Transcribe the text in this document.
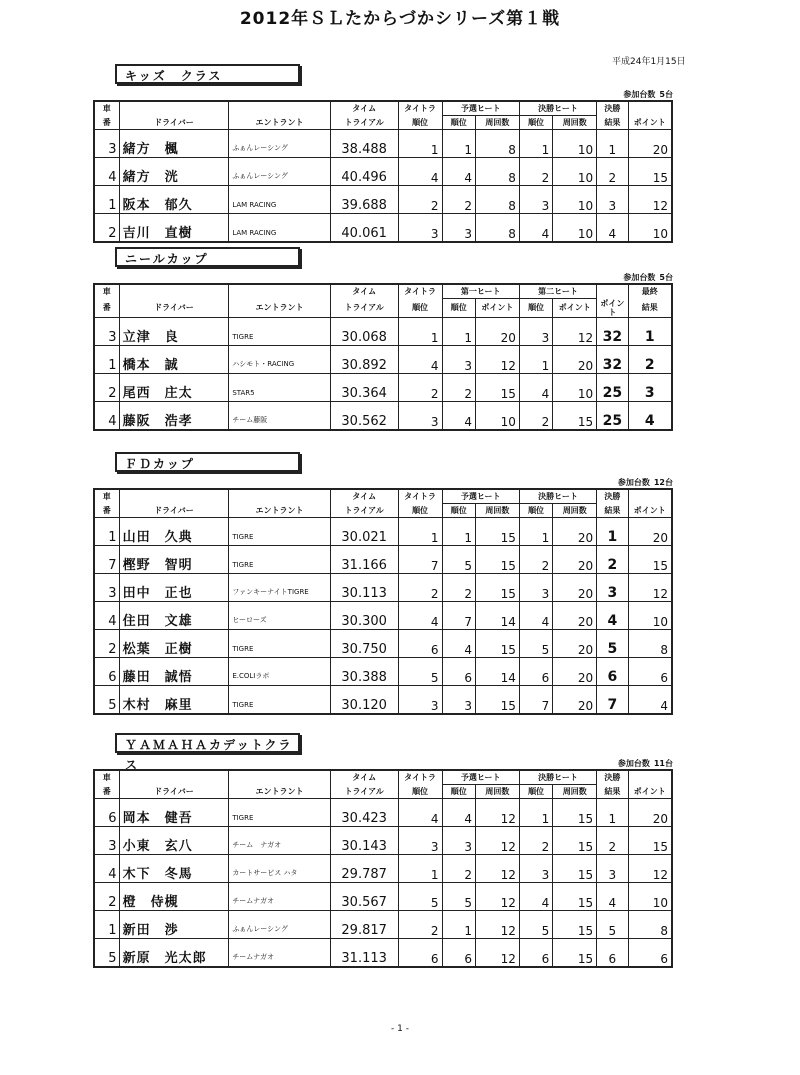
2012年ＳＬたからづかシリーズ第１戦
平成24年1月15日
キッズ　クラス
参加台数 5台
車			タイム	タイトラ	予選ヒート		決勝ヒート		決勝	
番	ドライバー	エントラント	トライアル	順位	順位	周回数	順位	周回数	結果	ポイント
3	緒方　楓	ふぁんレーシング	38.488	1	1	8	1	10	1	20
4	緒方　洸	ふぁんレーシング	40.496	4	4	8	2	10	2	15
1	阪本　郁久	LAM RACING	39.688	2	2	8	3	10	3	12
2	吉川　直樹	LAM RACING	40.061	3	3	8	4	10	4	10
ニールカップ
参加台数 5台
車			タイム	タイトラ	第一ヒート		第二ヒート			最終
番	ドライバー	エントラント	トライアル	順位	順位	ポイント	順位	ポイント	ポイント	結果
3	立津　良	TIGRE	30.068	1	1	20	3	12	32	1
1	橋本　誠	ハシモト・RACING	30.892	4	3	12	1	20	32	2
2	尾西　庄太	STAR5	30.364	2	2	15	4	10	25	3
4	藤阪　浩孝	チーム藤阪	30.562	3	4	10	2	15	25	4
ＦＤカップ
参加台数 12台
車			タイム	タイトラ	予選ヒート		決勝ヒート		決勝	
番	ドライバー	エントラント	トライアル	順位	順位	周回数	順位	周回数	結果	ポイント
1	山田　久典	TIGRE	30.021	1	1	15	1	20	1	20
7	樫野　智明	TIGRE	31.166	7	5	15	2	20	2	15
3	田中　正也	ファンキーナイトTIGRE	30.113	2	2	15	3	20	3	12
4	住田　文雄	ヒーローズ	30.300	4	7	14	4	20	4	10
2	松葉　正樹	TIGRE	30.750	6	4	15	5	20	5	8
6	藤田　誠悟	E.COLIラボ	30.388	5	6	14	6	20	6	6
5	木村　麻里	TIGRE	30.120	3	3	15	7	20	7	4
ＹＡＭＡＨＡカデットクラス	参加台数 11台
車			タイム	タイトラ	予選ヒート		決勝ヒート		決勝	
番	ドライバー	エントラント	トライアル	順位	順位	周回数	順位	周回数	結果	ポイント
6	岡本　健吾	TIGRE	30.423	4	4	12	1	15	1	20
3	小東　玄八	チーム　ナガオ	30.143	3	3	12	2	15	2	15
4	木下　冬馬	カートサービス ハタ	29.787	1	2	12	3	15	3	12
2	橙　侍槻	チームナガオ	30.567	5	5	12	4	15	4	10
1	新田　渉	ふぁんレーシング	29.817	2	1	12	5	15	5	8
5	新原　光太郎	チームナガオ	31.113	6	6	12	6	15	6	6
- 1 -
